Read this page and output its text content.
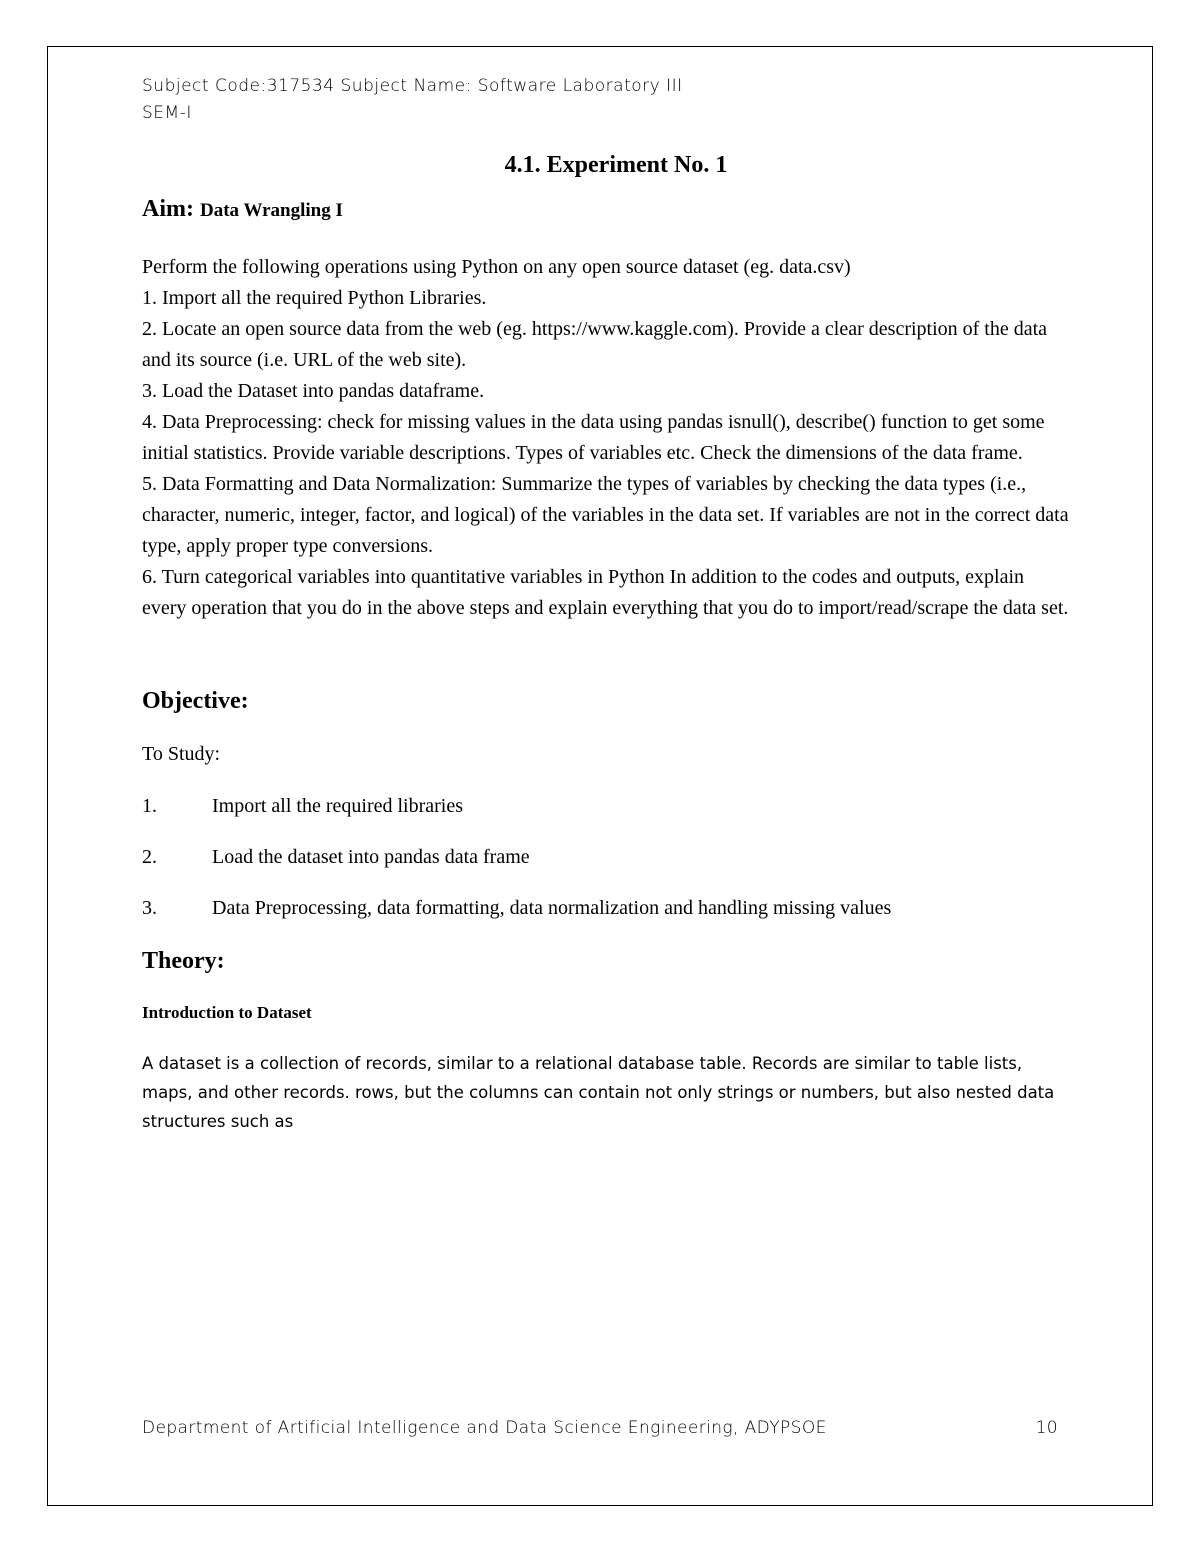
Subject Code:317534 Subject Name: Software Laboratory III
SEM-I
4.1. Experiment No. 1
Aim: Data Wrangling I

Perform the following operations using Python on any open source dataset (eg. data.csv)

1. Import all the required Python Libraries.

2. Locate an open source data from the web (eg. https://www.kaggle.com). Provide a clear description of the data and its source (i.e. URL of the web site).

3. Load the Dataset into pandas dataframe.

4. Data Preprocessing: check for missing values in the data using pandas isnull(), describe() function to get some initial statistics. Provide variable descriptions. Types of variables etc. Check the dimensions of the data frame.

5. Data Formatting and Data Normalization: Summarize the types of variables by checking the data types (i.e., character, numeric, integer, factor, and logical) of the variables in the data set. If variables are not in the correct data type, apply proper type conversions.

6. Turn categorical variables into quantitative variables in Python In addition to the codes and outputs, explain every operation that you do in the above steps and explain everything that you do to import/read/scrape the data set.

Objective:
To Study:
1.	Import all the required libraries
2.	Load the dataset into pandas data frame
3.	Data Preprocessing, data formatting, data normalization and handling missing values
Theory:
Introduction to Dataset
A dataset is a collection of records, similar to a relational database table. Records are similar to table lists, maps, and other records. rows, but the columns can contain not only strings or numbers, but also nested data structures such as
Department of Artificial Intelligence and Data Science Engineering, ADYPSOE	10
